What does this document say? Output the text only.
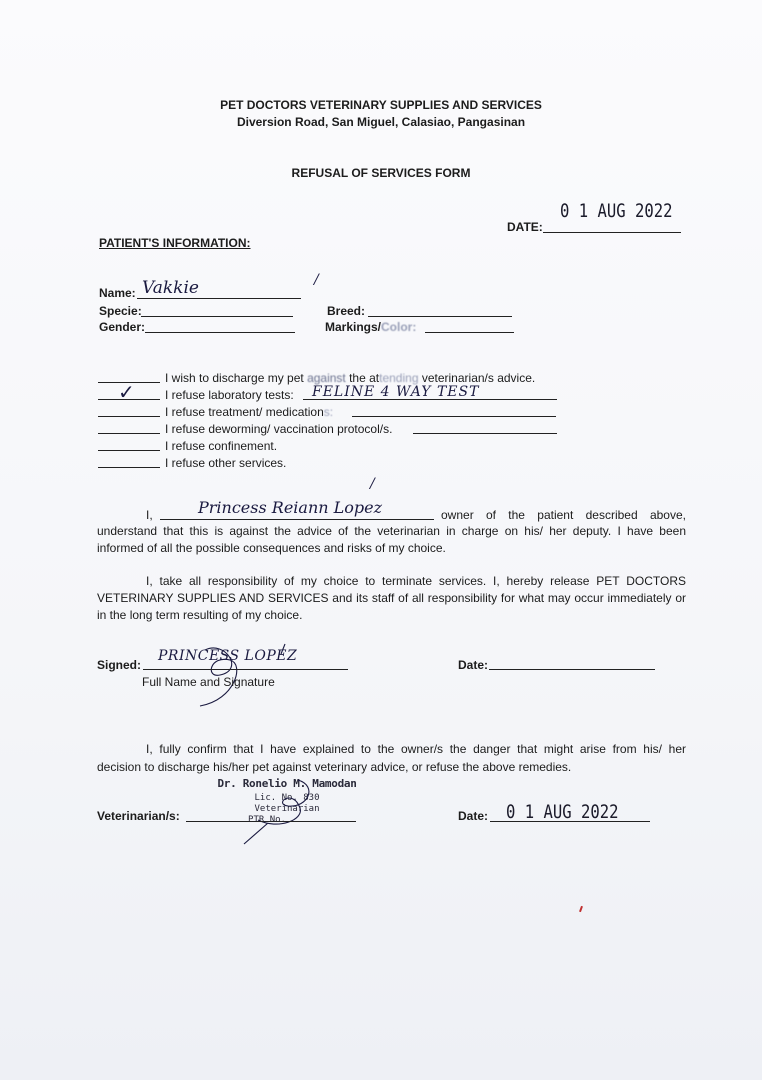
PET DOCTORS VETERINARY SUPPLIES AND SERVICES
Diversion Road, San Miguel, Calasiao, Pangasinan
REFUSAL OF SERVICES FORM
0 1 AUG 2022
DATE:
PATIENT'S INFORMATION:
Name: Vakkie	/
Specie:	Breed:
Gender:	Markings/Color:
I wish to discharge my pet against the attending veterinarian/s advice.
✓	I refuse laboratory tests: FELINE 4 WAY TEST
I refuse treatment/ medications:
I refuse deworming/ vaccination protocol/s.
I refuse confinement.
I refuse other services.
I,	Princess Reiann Lopez
/
owner of the patient described above,
understand that this is against the advice of the veterinarian in charge on his/ her deputy. I have been
informed of all the possible consequences and risks of my choice.
I, take all responsibility of my choice to terminate services. I, hereby release PET DOCTORS
VETERINARY SUPPLIES AND SERVICES and its staff of all responsibility for what may occur immediately or
in the long term resulting of my choice.
Signed:
PRINCESS LOPEZ
Full Name and Signature
Date:
I, fully confirm that I have explained to the owner/s the danger that might arise from his/ her
decision to discharge his/her pet against veterinary advice, or refuse the above remedies.
Dr. Ronelio M. Mamodan
Lic. No. 830
Veterinarian
PTR No.
Veterinarian/s:	Date: 0 1 AUG 2022
